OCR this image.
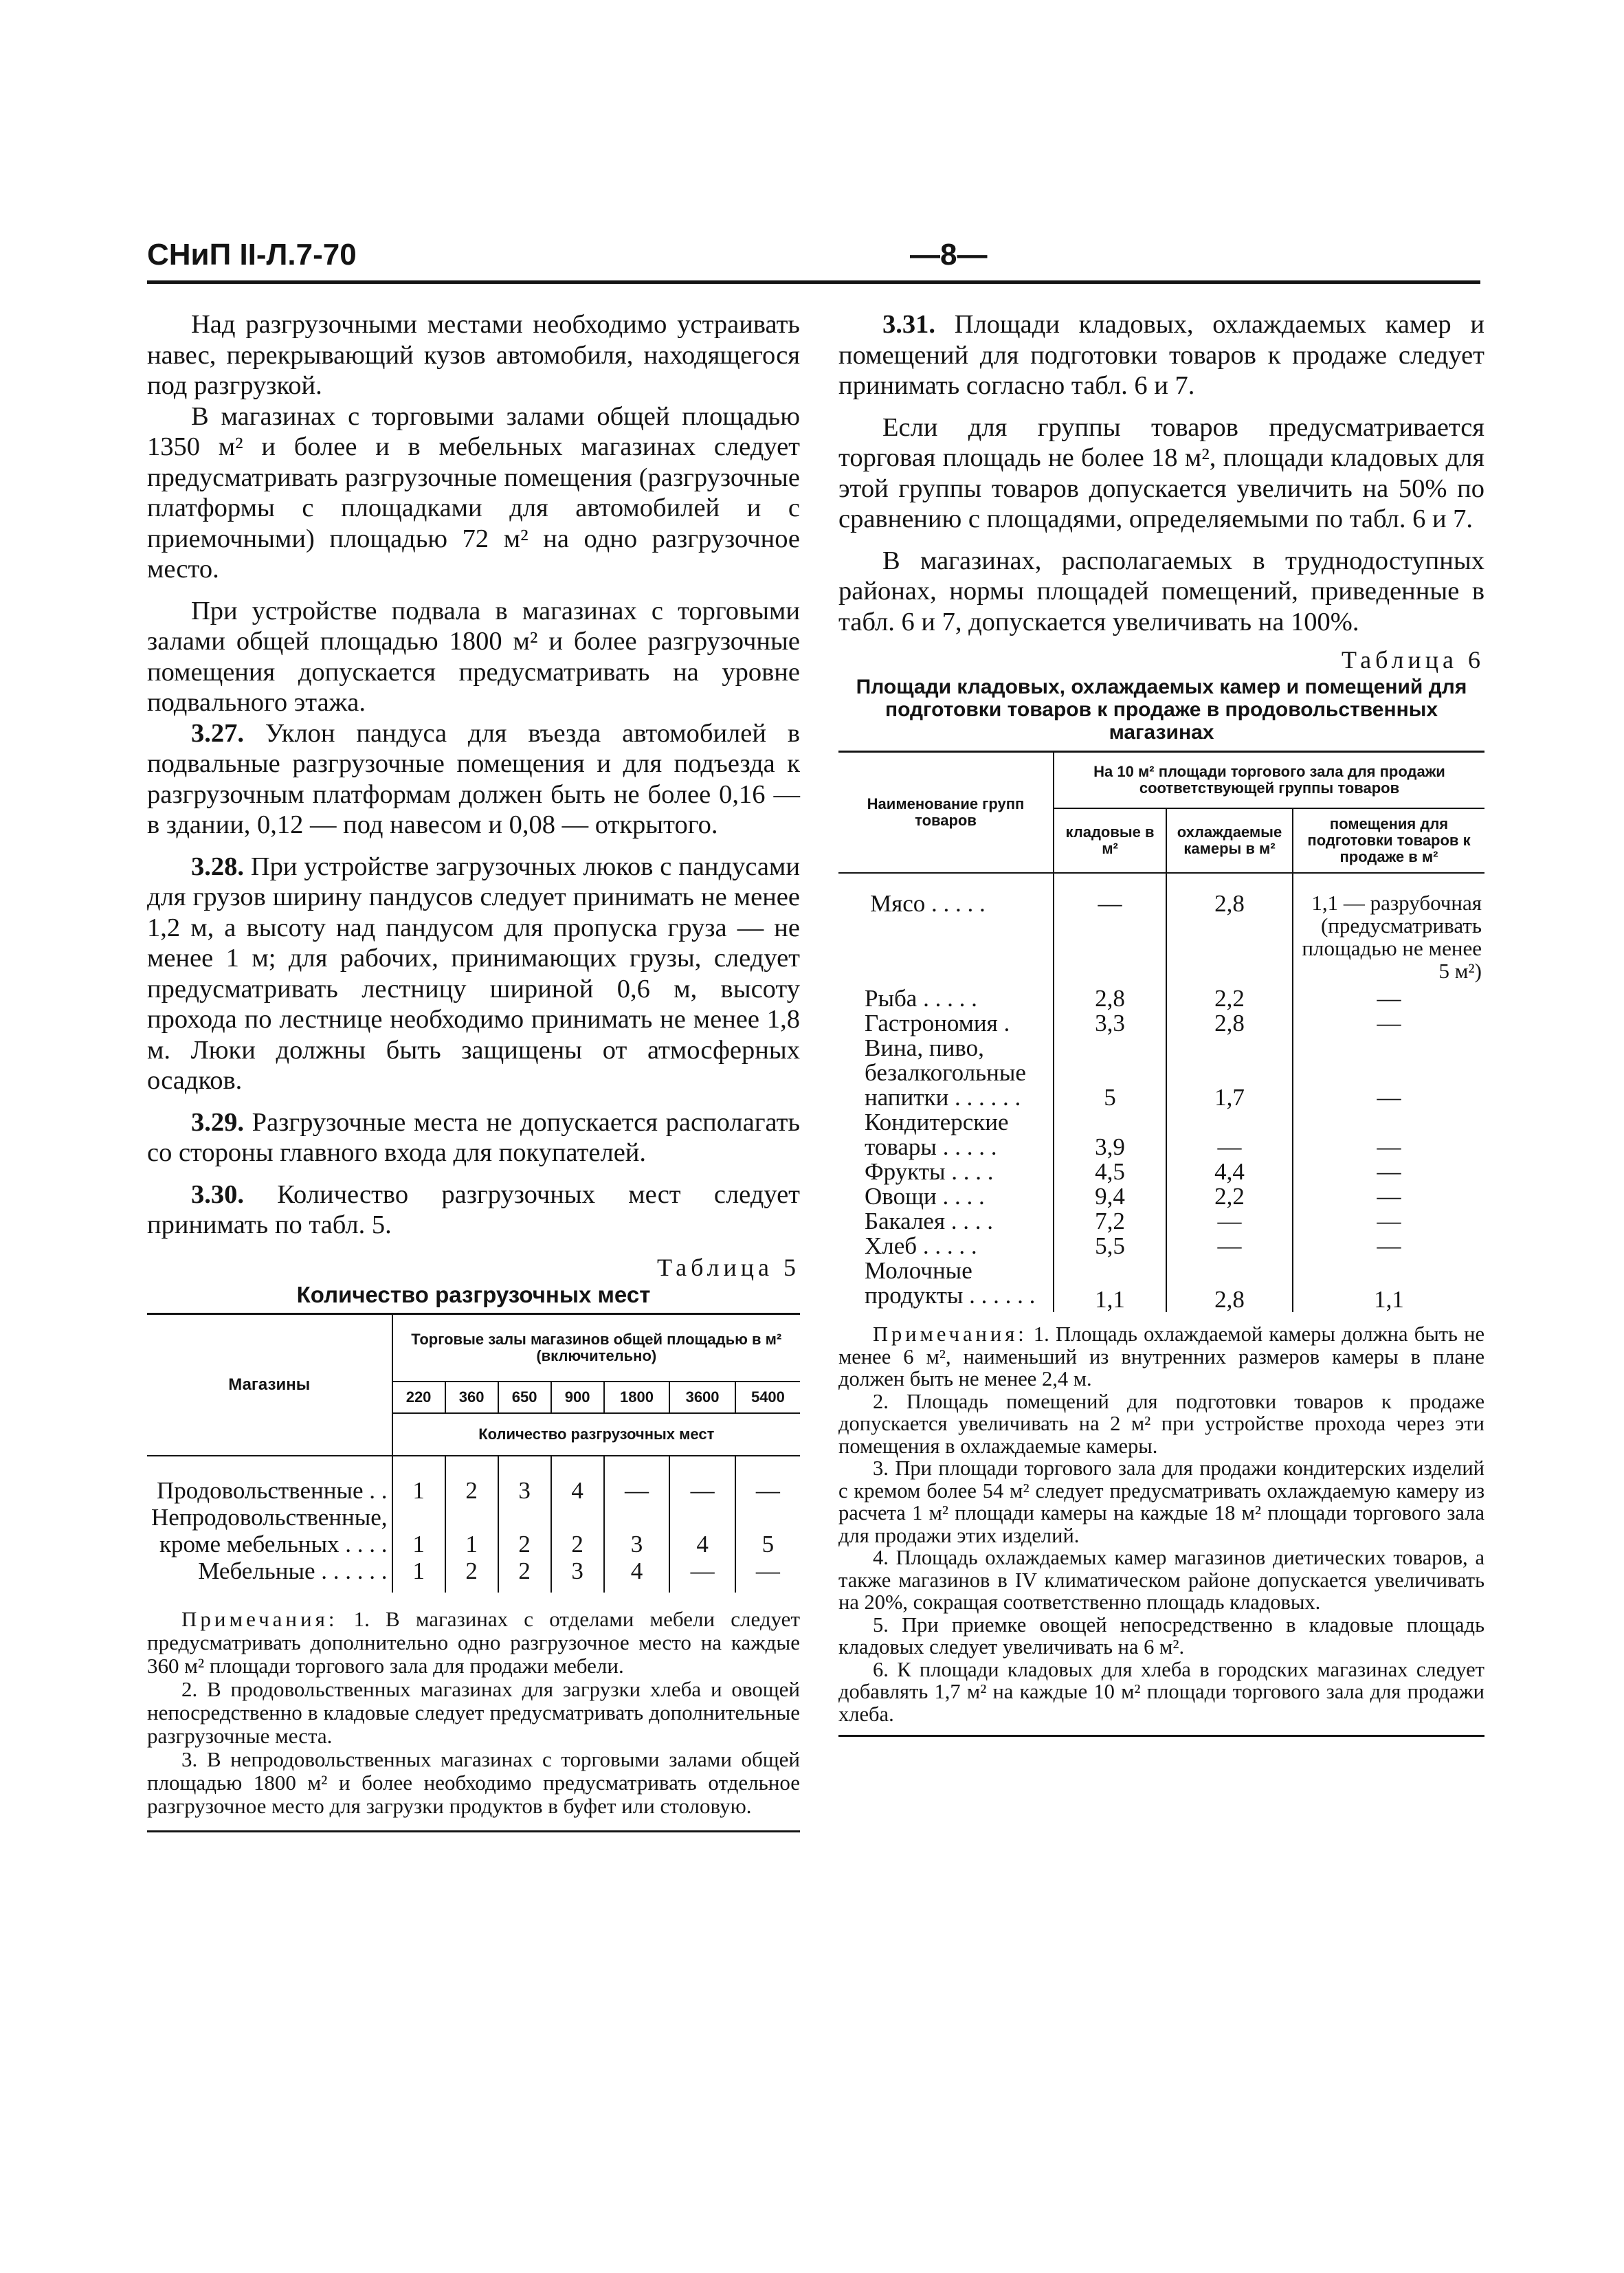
СНиП II-Л.7-70	—8—

Над разгрузочными местами необходимо устраивать навес, перекрывающий кузов автомобиля, находящегося под разгрузкой.

В магазинах с торговыми залами общей площадью 1350 м² и более и в мебельных магазинах следует предусматривать разгрузочные помещения (разгрузочные платформы с площадками для автомобилей и с приемочными) площадью 72 м² на одно разгрузочное место.

При устройстве подвала в магазинах с торговыми залами общей площадью 1800 м² и более разгрузочные помещения допускается предусматривать на уровне подвального этажа.

3.27. Уклон пандуса для въезда автомобилей в подвальные разгрузочные помещения и для подъезда к разгрузочным платформам должен быть не более 0,16 — в здании, 0,12 — под навесом и 0,08 — открытого.

3.28. При устройстве загрузочных люков с пандусами для грузов ширину пандусов следует принимать не менее 1,2 м, а высоту над пандусом для пропуска груза — не менее 1 м; для рабочих, принимающих грузы, следует предусматривать лестницу шириной 0,6 м, высоту прохода по лестнице необходимо принимать не менее 1,8 м. Люки должны быть защищены от атмосферных осадков.

3.29. Разгрузочные места не допускается располагать со стороны главного входа для покупателей.

3.30. Количество разгрузочных мест следует принимать по табл. 5.

Таблица 5
Количество разгрузочных мест
Магазины	Торговые залы магазинов общей площадью в м² (включительно)						
	220	360	650	900	1800	3600	5400
	Количество разгрузочных мест						

Продовольственные . .	1	2	3	4	—	—	—
Непродовольственные,							
кроме мебельных . . . .	1	1	2	2	3	4	5
Мебельные . . . . . .	1	2	2	3	4	—	—

Примечания: 1. В магазинах с отделами мебели следует предусматривать дополнительно одно разгрузочное место на каждые 360 м² площади торгового зала для продажи мебели.

2. В продовольственных магазинах для загрузки хлеба и овощей непосредственно в кладовые следует предусматривать дополнительные разгрузочные места.

3. В непродовольственных магазинах с торговыми залами общей площадью 1800 м² и более необходимо предусматривать отдельное разгрузочное место для загрузки продуктов в буфет или столовую.

3.31. Площади кладовых, охлаждаемых камер и помещений для подготовки товаров к продаже следует принимать согласно табл. 6 и 7.

Если для группы товаров предусматривается торговая площадь не более 18 м², площади кладовых для этой группы товаров допускается увеличить на 50% по сравнению с площадями, определяемыми по табл. 6 и 7.

В магазинах, располагаемых в труднодоступных районах, нормы площадей помещений, приведенные в табл. 6 и 7, допускается увеличивать на 100%.

Таблица 6
Площади кладовых, охлаждаемых камер и помещений для подготовки товаров к продаже в продовольственных магазинах
Наименование групп товаров	На 10 м² площади торгового зала для продажи соответствующей группы товаров		
	кладовые в м²	охлаждаемые камеры в м²	помещения для подготовки товаров к продаже в м²

Мясо . . . . .	—	2,8	1,1 — разрубочная (предусматривать площадью не менее 5 м²)
Рыба . . . . .	2,8	2,2	—
Гастрономия .	3,3	2,8	—
Вина, пиво, безалкогольные напитки . . . . . .	5	1,7	—
Кондитерские товары . . . . .	3,9	—	—
Фрукты . . . .	4,5	4,4	—
Овощи . . . .	9,4	2,2	—
Бакалея . . . .	7,2	—	—
Хлеб . . . . .	5,5	—	—
Молочные продукты . . . . . .	1,1	2,8	1,1

Примечания: 1. Площадь охлаждаемой камеры должна быть не менее 6 м², наименьший из внутренних размеров камеры в плане должен быть не менее 2,4 м.

2. Площадь помещений для подготовки товаров к продаже допускается увеличивать на 2 м² при устройстве прохода через эти помещения в охлаждаемые камеры.

3. При площади торгового зала для продажи кондитерских изделий с кремом более 54 м² следует предусматривать охлаждаемую камеру из расчета 1 м² площади камеры на каждые 18 м² площади торгового зала для продажи этих изделий.

4. Площадь охлаждаемых камер магазинов диетических товаров, а также магазинов в IV климатическом районе допускается увеличивать на 20%, сокращая соответственно площадь кладовых.

5. При приемке овощей непосредственно в кладовые площадь кладовых следует увеличивать на 6 м².

6. К площади кладовых для хлеба в городских магазинах следует добавлять 1,7 м² на каждые 10 м² площади торгового зала для продажи хлеба.
